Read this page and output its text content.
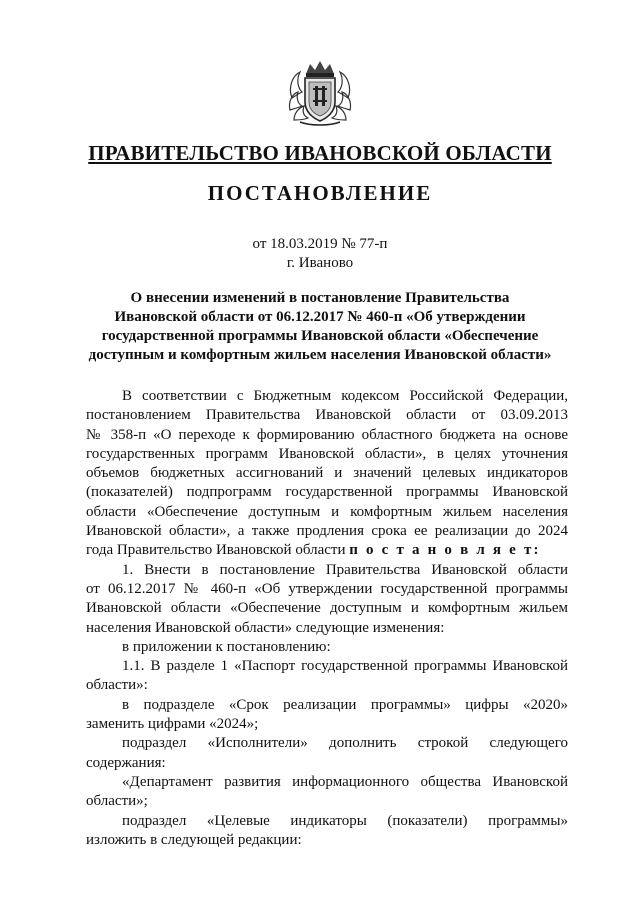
ПРАВИТЕЛЬСТВО ИВАНОВСКОЙ ОБЛАСТИ
ПОСТАНОВЛЕНИЕ
от 18.03.2019 № 77-п
г. Иваново
О внесении изменений в постановление Правительства
Ивановской области от 06.12.2017 № 460-п «Об утверждении
государственной программы Ивановской области «Обеспечение
доступным и комфортным жильем населения Ивановской области»
В соответствии с Бюджетным кодексом Российской Федерации,
постановлением Правительства Ивановской области от 03.09.2013
№ 358-п «О переходе к формированию областного бюджета на основе
государственных программ Ивановской области», в целях уточнения
объемов бюджетных ассигнований и значений целевых индикаторов
(показателей) подпрограмм государственной программы Ивановской
области «Обеспечение доступным и комфортным жильем населения
Ивановской области», а также продления срока ее реализации до 2024
года Правительство Ивановской области п о с т а н о в л я е т:
1. Внести в постановление Правительства Ивановской области
от 06.12.2017 № 460-п «Об утверждении государственной программы
Ивановской области «Обеспечение доступным и комфортным жильем
населения Ивановской области» следующие изменения:
в приложении к постановлению:
1.1. В разделе 1 «Паспорт государственной программы Ивановской
области»:
в подразделе «Срок реализации программы» цифры «2020»
заменить цифрами «2024»;
подраздел «Исполнители» дополнить строкой следующего
содержания:
«Департамент развития информационного общества Ивановской
области»;
подраздел «Целевые индикаторы (показатели) программы»
изложить в следующей редакции:
